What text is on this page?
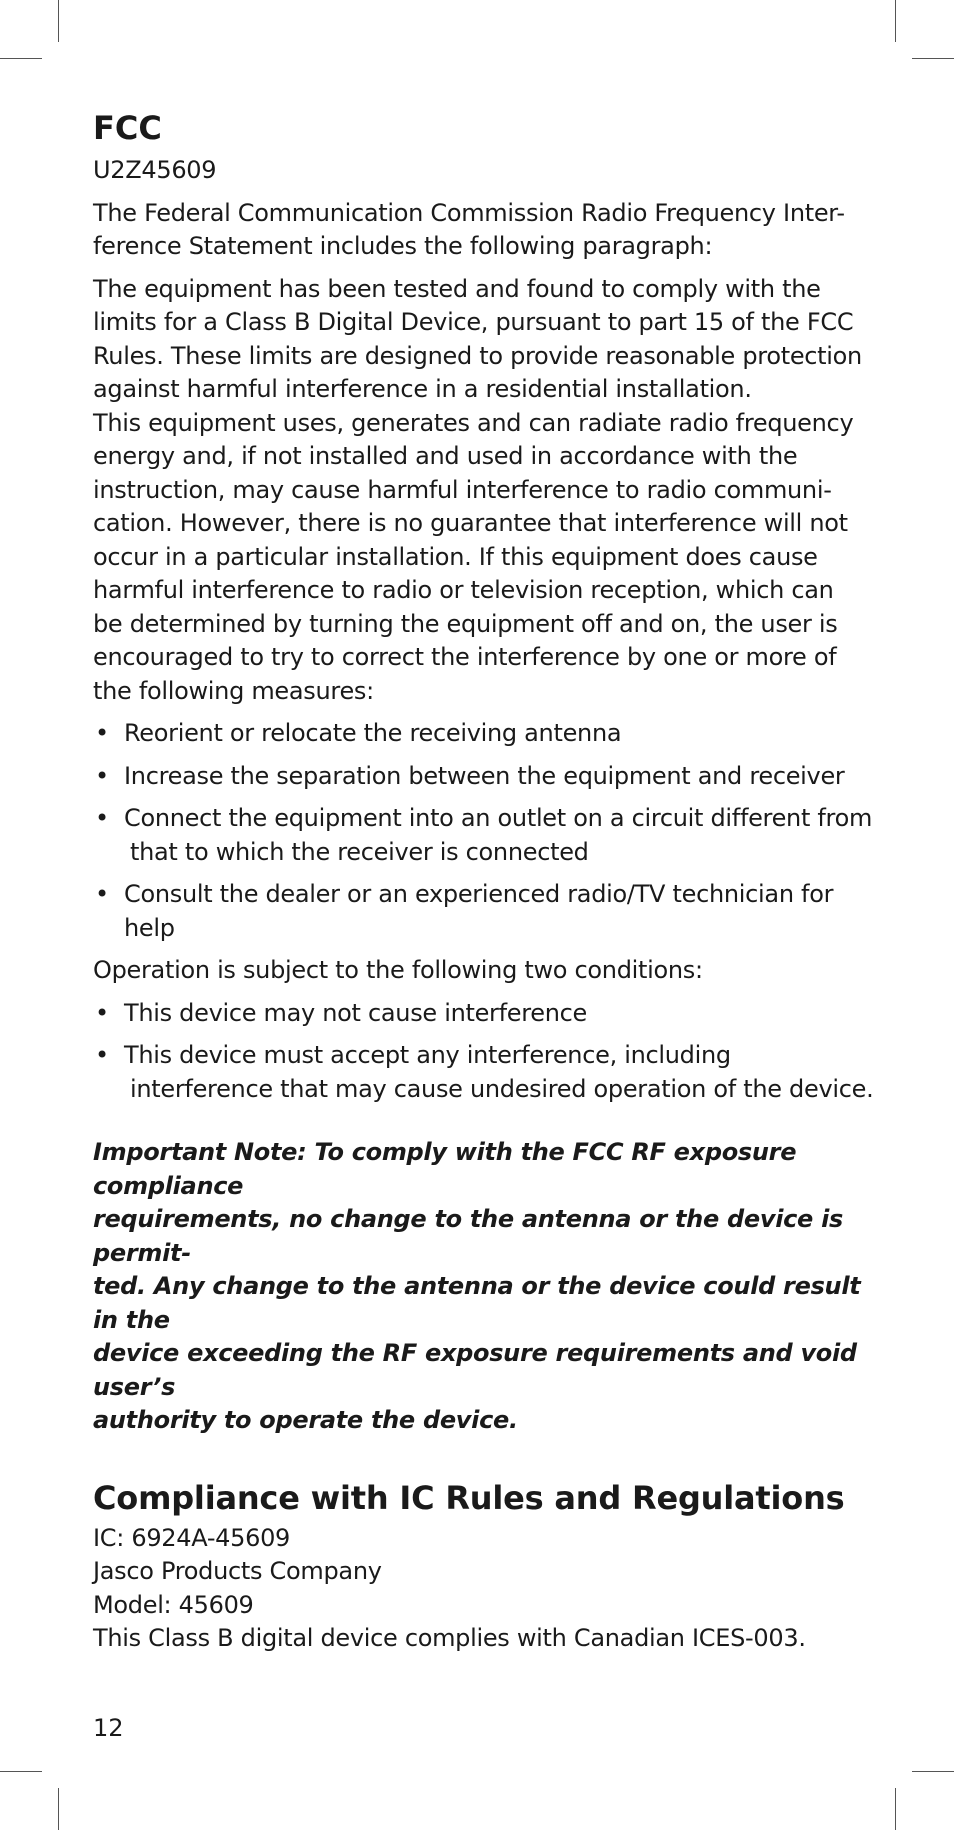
FCC

U2Z45609

The Federal Communication Commission Radio Frequency Inter-

ference Statement includes the following paragraph:

The equipment has been tested and found to comply with the

limits for a Class B Digital Device, pursuant to part 15 of the FCC

Rules. These limits are designed to provide reasonable protection

against harmful interference in a residential installation.

This equipment uses, generates and can radiate radio frequency

energy and, if not installed and used in accordance with the

instruction, may cause harmful interference to radio communi-

cation. However, there is no guarantee that interference will not

occur in a particular installation. If this equipment does cause

harmful interference to radio or television reception, which can

be determined by turning the equipment off and on, the user is

encouraged to try to correct the interference by one or more of

the following measures:

• Reorient or relocate the receiving antenna
• Increase the separation between the equipment and receiver
• Connect the equipment into an outlet on a circuit different from
that to which the receiver is connected
• Consult the dealer or an experienced radio/TV technician for help

Operation is subject to the following two conditions:

• This device may not cause interference
• This device must accept any interference, including
interference that may cause undesired operation of the device.
Important Note: To comply with the FCC RF exposure compliance
requirements, no change to the antenna or the device is permit-
ted. Any change to the antenna or the device could result in the
device exceeding the RF exposure requirements and void user’s
authority to operate the device.
Compliance with IC Rules and Regulations

IC: 6924A-45609

Jasco Products Company

Model: 45609

This Class B digital device complies with Canadian ICES-003.

12
